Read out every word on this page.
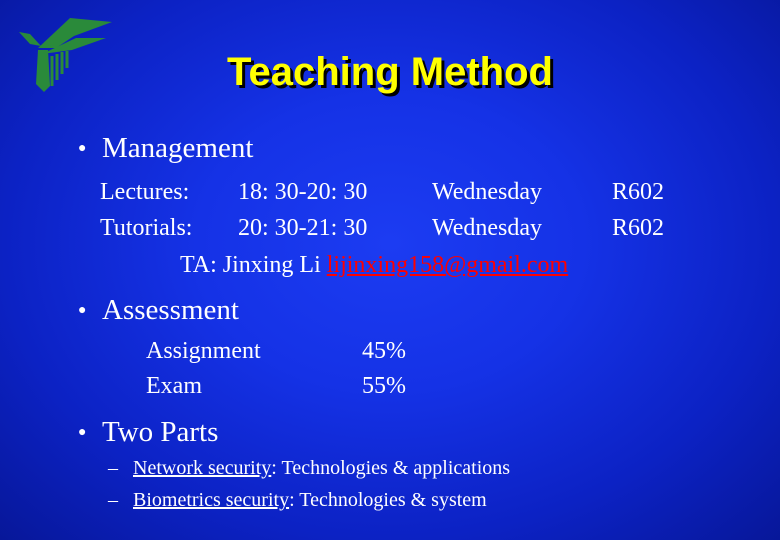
Teaching Method
● Management
Lectures: 18: 30-20: 30	Wednesday	R602
Tutorials: 20: 30-21: 30	Wednesday	R602
TA: Jinxing Li lijinxing158@gmail.com
● Assessment
Assignment	45%
Exam	55%
● Two Parts
– Network security: Technologies & applications
– Biometrics security: Technologies & system
